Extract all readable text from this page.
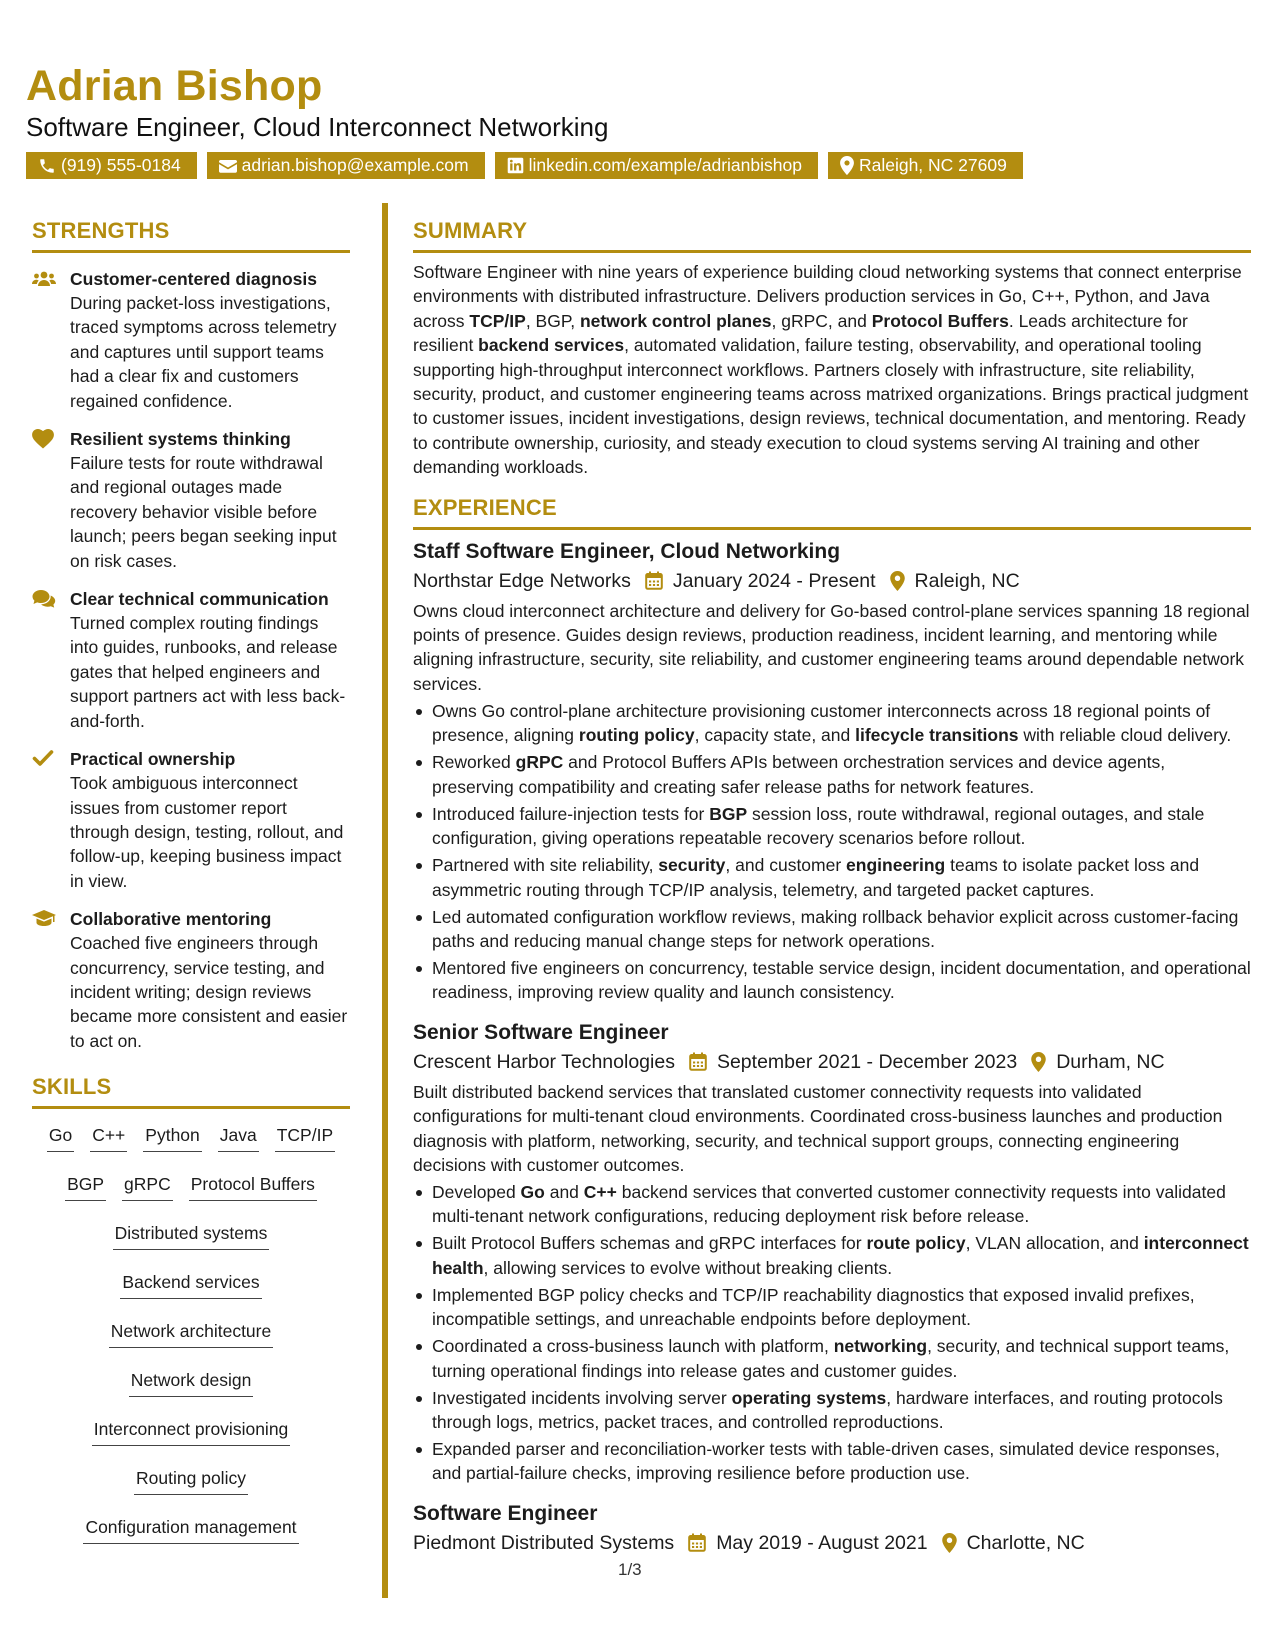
Adrian Bishop
Software Engineer, Cloud Interconnect Networking
(919) 555-0184	adrian.bishop@example.com	linkedin.com/example/adrianbishop	Raleigh, NC 27609
STRENGTHS
Customer-centered diagnosis
During packet-loss investigations, traced symptoms across telemetry and captures until support teams had a clear fix and customers regained confidence.
Resilient systems thinking
Failure tests for route withdrawal and regional outages made recovery behavior visible before launch; peers began seeking input on risk cases.
Clear technical communication
Turned complex routing findings into guides, runbooks, and release gates that helped engineers and support partners act with less back-and-forth.
Practical ownership
Took ambiguous interconnect issues from customer report through design, testing, rollout, and follow-up, keeping business impact in view.
Collaborative mentoring
Coached five engineers through concurrency, service testing, and incident writing; design reviews became more consistent and easier to act on.
SKILLS
Go C++ Python Java TCP/IP
BGP gRPC Protocol Buffers
Distributed systems
Backend services
Network architecture
Network design
Interconnect provisioning
Routing policy
Configuration management
SUMMARY
Software Engineer with nine years of experience building cloud networking systems that connect enterprise environments with distributed infrastructure. Delivers production services in Go, C++, Python, and Java across TCP/IP, BGP, network control planes, gRPC, and Protocol Buffers. Leads architecture for resilient backend services, automated validation, failure testing, observability, and operational tooling supporting high-throughput interconnect workflows. Partners closely with infrastructure, site reliability, security, product, and customer engineering teams across matrixed organizations. Brings practical judgment to customer issues, incident investigations, design reviews, technical documentation, and mentoring. Ready to contribute ownership, curiosity, and steady execution to cloud systems serving AI training and other demanding workloads.
EXPERIENCE
Staff Software Engineer, Cloud Networking
Northstar Edge Networks January 2024 - Present Raleigh, NC
Owns cloud interconnect architecture and delivery for Go-based control-plane services spanning 18 regional points of presence. Guides design reviews, production readiness, incident learning, and mentoring while aligning infrastructure, security, site reliability, and customer engineering teams around dependable network services.
Owns Go control-plane architecture provisioning customer interconnects across 18 regional points of presence, aligning routing policy, capacity state, and lifecycle transitions with reliable cloud delivery.
Reworked gRPC and Protocol Buffers APIs between orchestration services and device agents, preserving compatibility and creating safer release paths for network features.
Introduced failure-injection tests for BGP session loss, route withdrawal, regional outages, and stale configuration, giving operations repeatable recovery scenarios before rollout.
Partnered with site reliability, security, and customer engineering teams to isolate packet loss and asymmetric routing through TCP/IP analysis, telemetry, and targeted packet captures.
Led automated configuration workflow reviews, making rollback behavior explicit across customer-facing paths and reducing manual change steps for network operations.
Mentored five engineers on concurrency, testable service design, incident documentation, and operational readiness, improving review quality and launch consistency.
Senior Software Engineer
Crescent Harbor Technologies September 2021 - December 2023 Durham, NC
Built distributed backend services that translated customer connectivity requests into validated configurations for multi-tenant cloud environments. Coordinated cross-business launches and production diagnosis with platform, networking, security, and technical support groups, connecting engineering decisions with customer outcomes.
Developed Go and C++ backend services that converted customer connectivity requests into validated multi-tenant network configurations, reducing deployment risk before release.
Built Protocol Buffers schemas and gRPC interfaces for route policy, VLAN allocation, and interconnect health, allowing services to evolve without breaking clients.
Implemented BGP policy checks and TCP/IP reachability diagnostics that exposed invalid prefixes, incompatible settings, and unreachable endpoints before deployment.
Coordinated a cross-business launch with platform, networking, security, and technical support teams, turning operational findings into release gates and customer guides.
Investigated incidents involving server operating systems, hardware interfaces, and routing protocols through logs, metrics, packet traces, and controlled reproductions.
Expanded parser and reconciliation-worker tests with table-driven cases, simulated device responses, and partial-failure checks, improving resilience before production use.
Software Engineer
Piedmont Distributed Systems May 2019 - August 2021 Charlotte, NC
1/3
